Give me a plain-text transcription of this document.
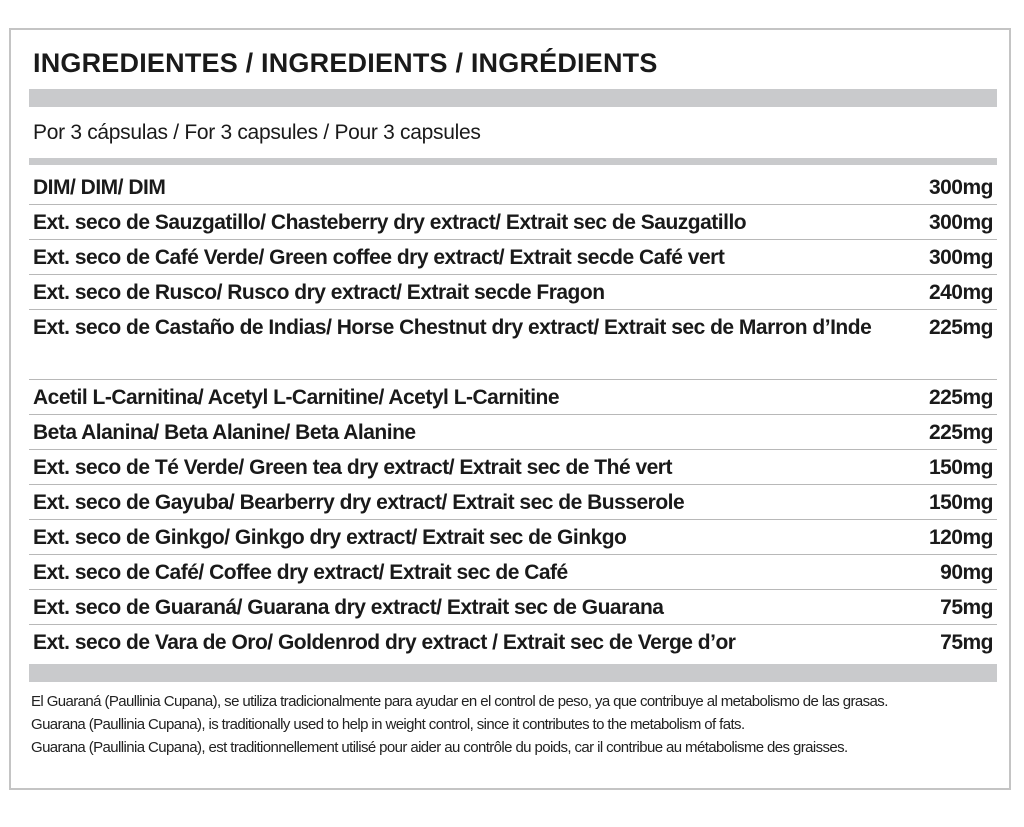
INGREDIENTES / INGREDIENTS / INGRÉDIENTS
Por 3 cápsulas / For 3 capsules / Pour 3 capsules
DIM/ DIM/ DIM	300mg
Ext. seco de Sauzgatillo/ Chasteberry dry extract/ Extrait sec de Sauzgatillo	300mg
Ext. seco de Café Verde/ Green coffee dry extract/ Extrait secde Café vert	300mg
Ext. seco de Rusco/ Rusco dry extract/ Extrait secde Fragon	240mg
Ext. seco de Castaño de Indias/ Horse Chestnut dry extract/ Extrait sec de Marron d’Inde	225mg
Acetil L-Carnitina/ Acetyl L-Carnitine/ Acetyl L-Carnitine	225mg
Beta Alanina/ Beta Alanine/ Beta Alanine	225mg
Ext. seco de Té Verde/ Green tea dry extract/ Extrait sec de Thé vert	150mg
Ext. seco de Gayuba/ Bearberry dry extract/ Extrait sec de Busserole	150mg
Ext. seco de Ginkgo/ Ginkgo dry extract/ Extrait sec de Ginkgo	120mg
Ext. seco de Café/ Coffee dry extract/ Extrait sec de Café	90mg
Ext. seco de Guaraná/ Guarana dry extract/ Extrait sec de Guarana	75mg
Ext. seco de Vara de Oro/ Goldenrod dry extract / Extrait sec de Verge d’or	75mg
El Guaraná (Paullinia Cupana), se utiliza tradicionalmente para ayudar en el control de peso, ya que contribuye al metabolismo de las grasas.
Guarana (Paullinia Cupana), is traditionally used to help in weight control, since it contributes to the metabolism of fats.
Guarana (Paullinia Cupana), est traditionnellement utilisé pour aider au contrôle du poids, car il contribue au métabolisme des graisses.
